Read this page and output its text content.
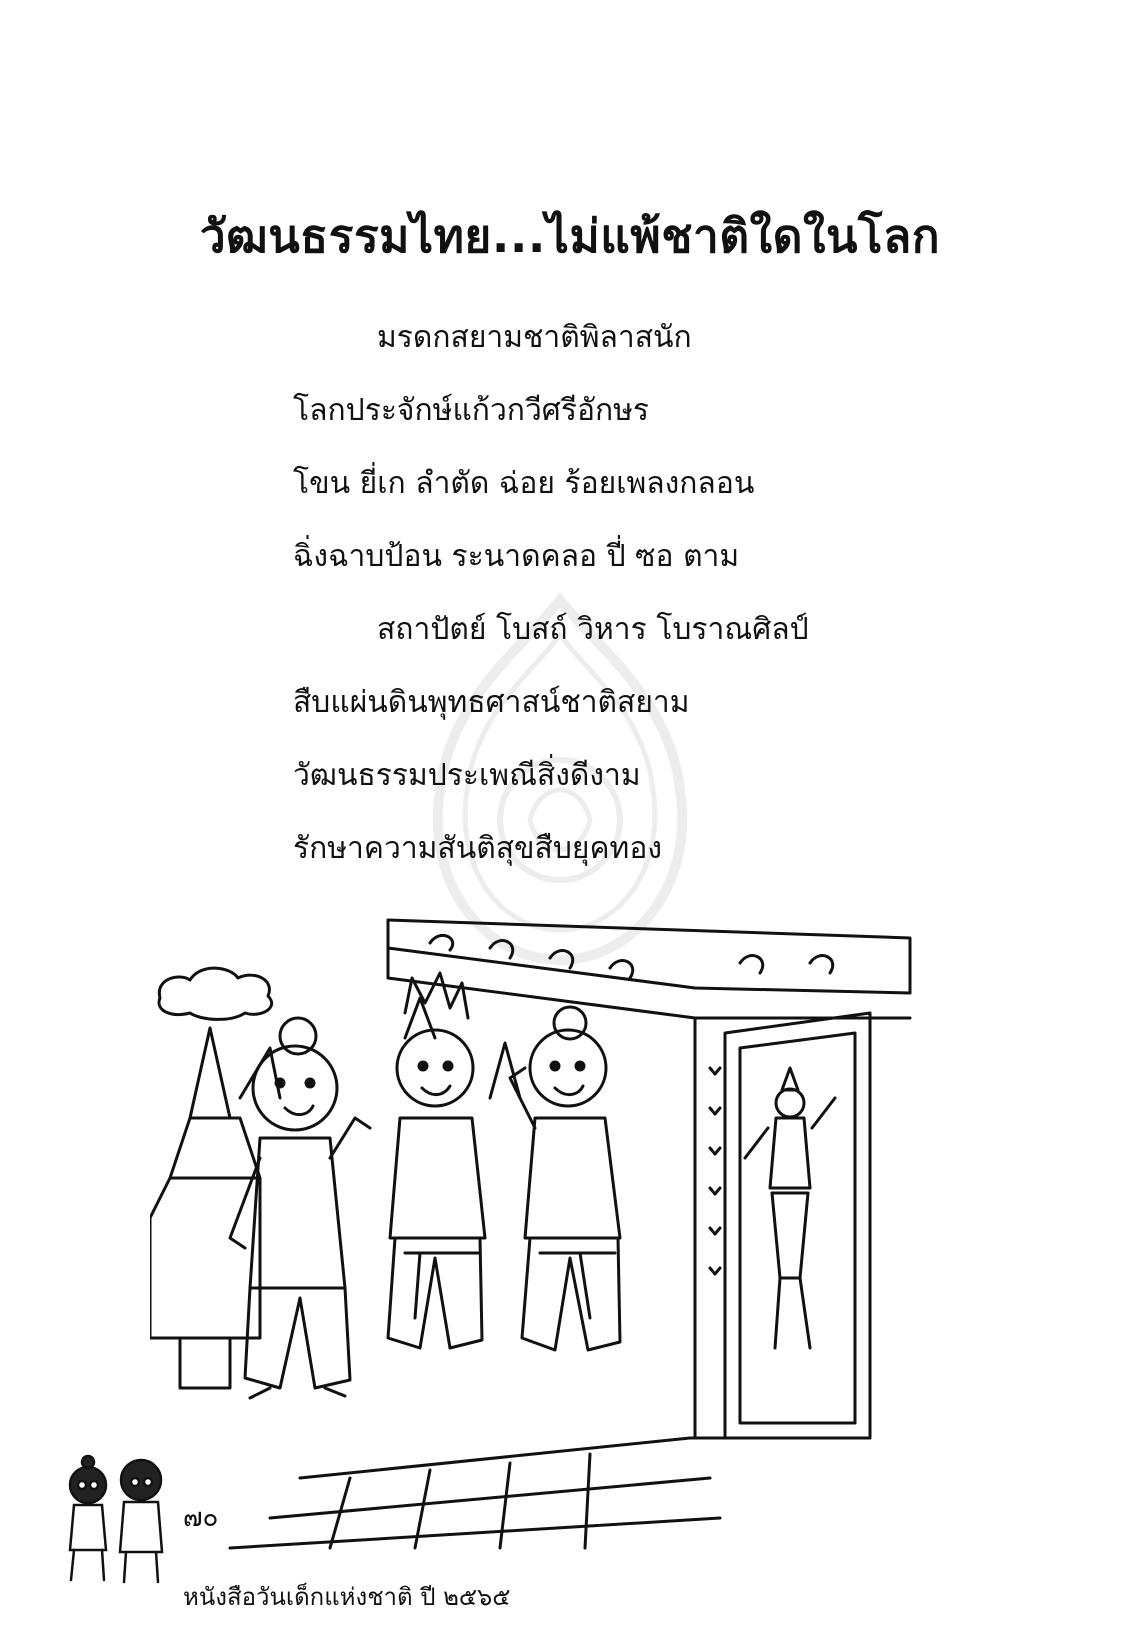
วัฒนธรรมไทย...ไม่แพ้ชาติใดในโลก
มรดกสยามชาติพิลาสนัก
โลกประจักษ์แก้วกวีศรีอักษร
โขน ยี่เก ลำตัด ฉ่อย ร้อยเพลงกลอน
ฉิ่งฉาบป้อน ระนาดคลอ ปี่ ซอ ตาม
สถาปัตย์ โบสถ์ วิหาร โบราณศิลป์
สืบแผ่นดินพุทธศาสน์ชาติสยาม
วัฒนธรรมประเพณีสิ่งดีงาม
รักษาความสันติสุขสืบยุคทอง
๗๐
หนังสือวันเด็กแห่งชาติ ปี ๒๕๖๕
